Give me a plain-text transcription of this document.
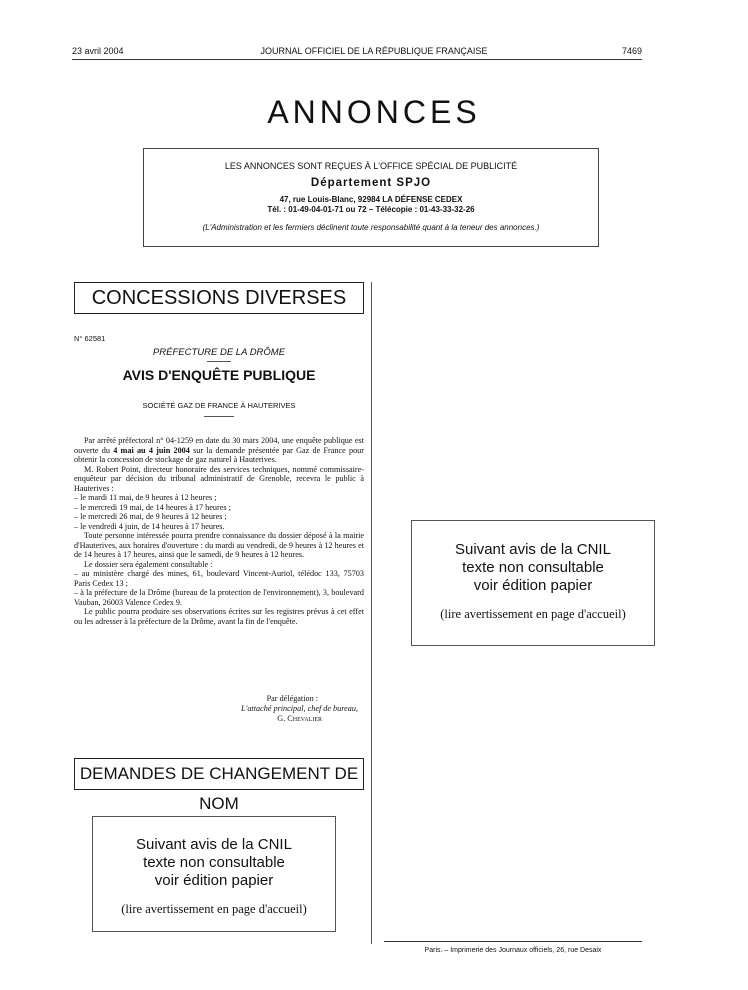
23 avril 2004	JOURNAL OFFICIEL DE LA RÉPUBLIQUE FRANÇAISE	7469
ANNONCES
LES ANNONCES SONT REÇUES À L'OFFICE SPÉCIAL DE PUBLICITÉ
Département SPJO
47, rue Louis-Blanc, 92984 LA DÉFENSE CEDEX
Tél. : 01-49-04-01-71 ou 72 – Télécopie : 01-43-33-32-26
(L'Administration et les fermiers déclinent toute responsabilité quant à la teneur des annonces.)
CONCESSIONS DIVERSES
N° 62581
PRÉFECTURE DE LA DRÔME
AVIS D'ENQUÊTE PUBLIQUE
SOCIÉTÉ GAZ DE FRANCE À HAUTERIVES

Par arrêté préfectoral n° 04-1259 en date du 30 mars 2004, une enquête publique est ouverte du 4 mai au 4 juin 2004 sur la demande présentée par Gaz de France pour obtenir la concession de stockage de gaz naturel à Hauterives.

M. Robert Point, directeur honoraire des services techniques, nommé commissaire-enquêteur par décision du tribunal administratif de Grenoble, recevra le public à Hauterives :

– le mardi 11 mai, de 9 heures à 12 heures ;

– le mercredi 19 mai, de 14 heures à 17 heures ;

– le mercredi 26 mai, de 9 heures à 12 heures ;

– le vendredi 4 juin, de 14 heures à 17 heures.

Toute personne intéressée pourra prendre connaissance du dossier déposé à la mairie d'Hauterives, aux horaires d'ouverture : du mardi au vendredi, de 9 heures à 12 heures et de 14 heures à 17 heures, ainsi que le samedi, de 9 heures à 12 heures.

Le dossier sera également consultable :

– au ministère chargé des mines, 61, boulevard Vincent-Auriol, télédoc 133, 75703 Paris Cedex 13 ;

– à la préfecture de la Drôme (bureau de la protection de l'environnement), 3, boulevard Vauban, 26003 Valence Cedex 9.

Le public pourra produire ses observations écrites sur les registres prévus à cet effet ou les adresser à la préfecture de la Drôme, avant la fin de l'enquête.

Par délégation :
L'attaché principal, chef de bureau,
G. Chevalier
DEMANDES DE CHANGEMENT DE NOM
Suivant avis de la CNIL
texte non consultable
voir édition papier
(lire avertissement en page d'accueil)
Suivant avis de la CNIL
texte non consultable
voir édition papier
(lire avertissement en page d'accueil)
Paris. – Imprimerie des Journaux officiels, 26, rue Desaix
